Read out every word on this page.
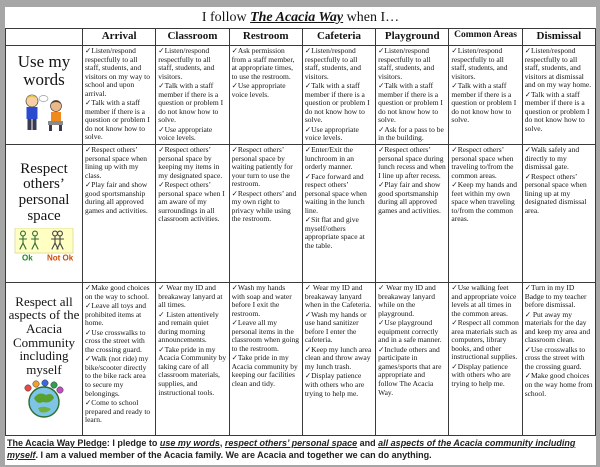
I follow The Acacia Way when I…
	Arrival	Classroom	Restroom	Cafeteria	Playground	Common Areas	Dismissal

Use my words

✓Listen/respond respectfully to all staff, students, and visitors on my way to school and upon arrival.
✓Talk with a staff member if there is a question or problem I do not know how to solve.

✓Listen/respond respectfully to all staff, students, and visitors.
✓Talk with a staff member if there is a question or problem I do not know how to solve.
✓Use appropriate voice levels.

✓Ask permission from a staff member, at appropriate times, to use the restroom.
✓Use appropriate voice levels.

✓Listen/respond respectfully to all staff, students, and visitors.
✓Talk with a staff member if there is a question or problem I do not know how to solve.
✓Use appropriate voice levels.

✓Listen/respond respectfully to all staff, students, and visitors.
✓Talk with a staff member if there is a question or problem I do not know how to solve.
✓Ask for a pass to be in the building.

✓Listen/respond respectfully to all staff, students, and visitors.
✓Talk with a staff member if there is a question or problem I do not know how to solve.

✓Listen/respond respectfully to all staff, students, and visitors at dismissal and on my way home.
✓Talk with a staff member if there is a question or problem I do not know how to solve.

Respect others’ personal space
Ok Not Ok

✓Respect others’ personal space when lining up with my class.
✓Play fair and show good sportsmanship during all approved games and activities.

✓Respect others’ personal space by keeping my items in my designated space.
✓Respect others’ personal space when I am aware of my surroundings in all classroom activities.

✓Respect others’ personal space by waiting patiently for your turn to use the restroom.
✓Respect others’ and my own right to privacy while using the restroom.

✓Enter/Exit the lunchroom in an orderly manner.
✓Face forward and respect others’ personal space when waiting in the lunch line.
✓Sit flat and give myself/others appropriate space at the table.

✓Respect others’ personal space during lunch recess and when I line up after recess.
✓Play fair and show good sportsmanship during all approved games and activities.

✓Respect others’ personal space when traveling to/from the common areas.
✓Keep my hands and feet within my own space when traveling to/from the common areas.

✓Walk safely and directly to my dismissal gate.
✓Respect others’ personal space when lining up at my designated dismissal area.

Respect all aspects of the Acacia Community including myself

✓Make good choices on the way to school.
✓Leave all toys and prohibited items at home.
✓Use crosswalks to cross the street with the crossing guard.
✓Walk (not ride) my bike/scooter directly to the bike rack area to secure my belongings.
✓Come to school prepared and ready to learn.

✓ Wear my ID and breakaway lanyard at all times.
✓ Listen attentively and remain quiet during morning announcements.
✓Take pride in my Acacia Community by taking care of all classroom materials, supplies, and instructional tools.

✓Wash my hands with soap and water before I exit the restroom.
✓Leave all my personal items in the classroom when going to the restroom.
✓Take pride in my Acacia community by keeping our facilities clean and tidy.

✓ Wear my ID and breakaway lanyard when in the Cafeteria.
✓Wash my hands or use hand sanitizer before I enter the cafeteria.
✓Keep my lunch area clean and throw away my lunch trash.
✓Display patience with others who are trying to help me.

✓ Wear my ID and breakaway lanyard while on the playground.
✓Use playground equipment correctly and in a safe manner.
✓Include others and participate in games/sports that are appropriate and follow The Acacia Way.

✓Use walking feet and appropriate voice levels at all times in the common areas.
✓Respect all common area materials such as computers, library books, and other instructional supplies.
✓Display patience with others who are trying to help me.

✓Turn in my ID Badge to my teacher before dismissal.
✓ Put away my materials for the day and keep my area and classroom clean.
✓Use crosswalks to cross the street with the crossing guard.
✓Make good choices on the way home from school.
The Acacia Way Pledge: I pledge to use my words, respect others’ personal space and all aspects of the Acacia community including myself. I am a valued member of the Acacia family. We are Acacia and together we can do anything.
